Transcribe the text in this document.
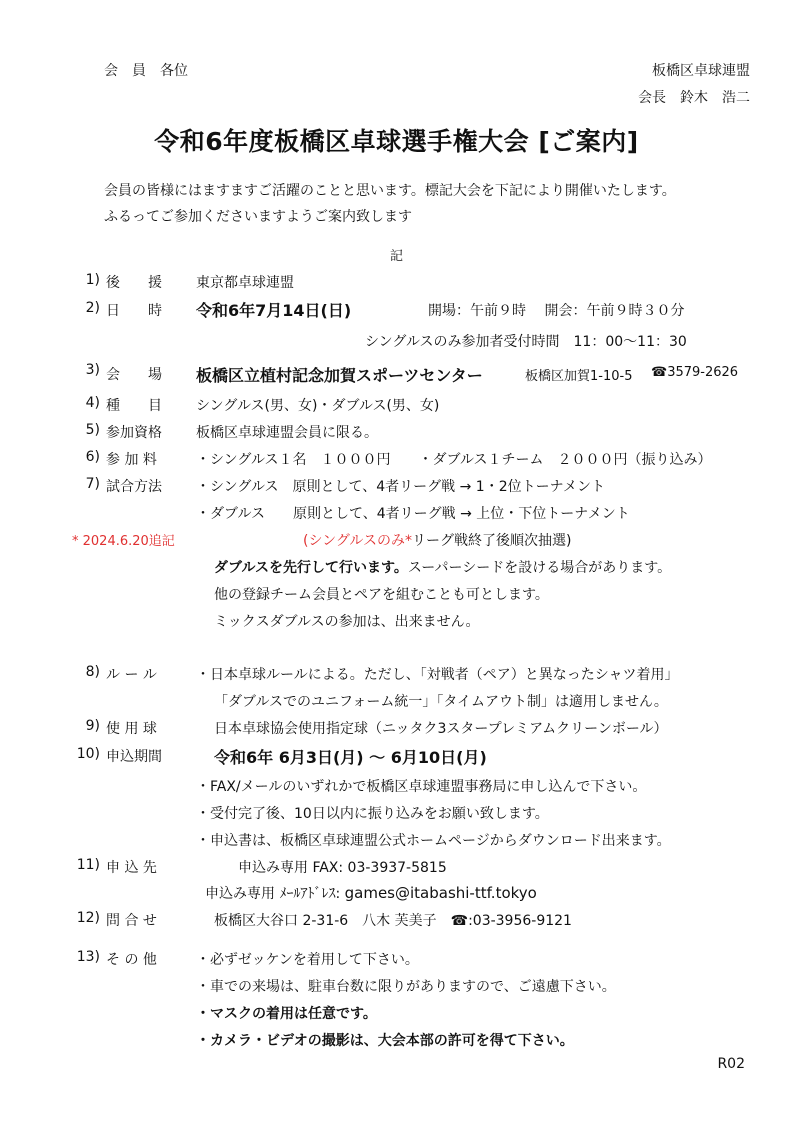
会　員　各位	板橋区卓球連盟
会長　鈴木　浩二
令和6年度板橋区卓球選手権大会 [ご案内]
会員の皆様にはますますご活躍のことと思います。標記大会を下記により開催いたします。
ふるってご参加くださいますようご案内致します
記
1) 後　　援 東京都卓球連盟
2) 日　　時 令和6年7月14日(日)	開場：午前９時　 開会：午前９時３０分
シングルスのみ参加者受付時間　11：00～11：30
3) 会　　場 板橋区立植村記念加賀スポーツセンター	板橋区加賀1-10-5 ☎3579-2626
4) 種　　目 シングルス(男、女)・ダブルス(男、女)
5) 参加資格 板橋区卓球連盟会員に限る。
6) 参 加 料	・シングルス１名　１０００円　　・ダブルス１チーム　２０００円（振り込み）
7) 試合方法 ・シングルス　原則として、4者リーグ戦 → 1・2位トーナメント
・ダブルス　　原則として、4者リーグ戦 → 上位・下位トーナメント
* 2024.6.20追記	(シングルスのみ*リーグ戦終了後順次抽選)
ダブルスを先行して行います。スーパーシードを設ける場合があります。
他の登録チーム会員とペアを組むことも可とします。
ミックスダブルスの参加は、出来ません。
8) ル ー ル	・日本卓球ルールによる。ただし、「対戦者（ペア）と異なったシャツ着用」
「ダブルスでのユニフォーム統一」「タイムアウト制」は適用しません。
9) 使 用 球	日本卓球協会使用指定球（ニッタク3スタープレミアムクリーンボール）
10) 申込期間	令和6年 6月3日(月) ～ 6月10日(月)
・FAX/メールのいずれかで板橋区卓球連盟事務局に申し込んで下さい。
・受付完了後、10日以内に振り込みをお願い致します。
・申込書は、板橋区卓球連盟公式ホームページからダウンロード出来ます。
11) 申 込 先	申込み専用 FAX: 03-3937-5815
申込み専用 ﾒｰﾙｱﾄﾞﾚｽ: games@itabashi-ttf.tokyo
12) 問 合 せ	板橋区大谷口 2-31-6　八木 芙美子　☎:03-3956-9121
13) そ の 他	・必ずゼッケンを着用して下さい。
・車での来場は、駐車台数に限りがありますので、ご遠慮下さい。
・マスクの着用は任意です。
・カメラ・ビデオの撮影は、大会本部の許可を得て下さい。
R02
